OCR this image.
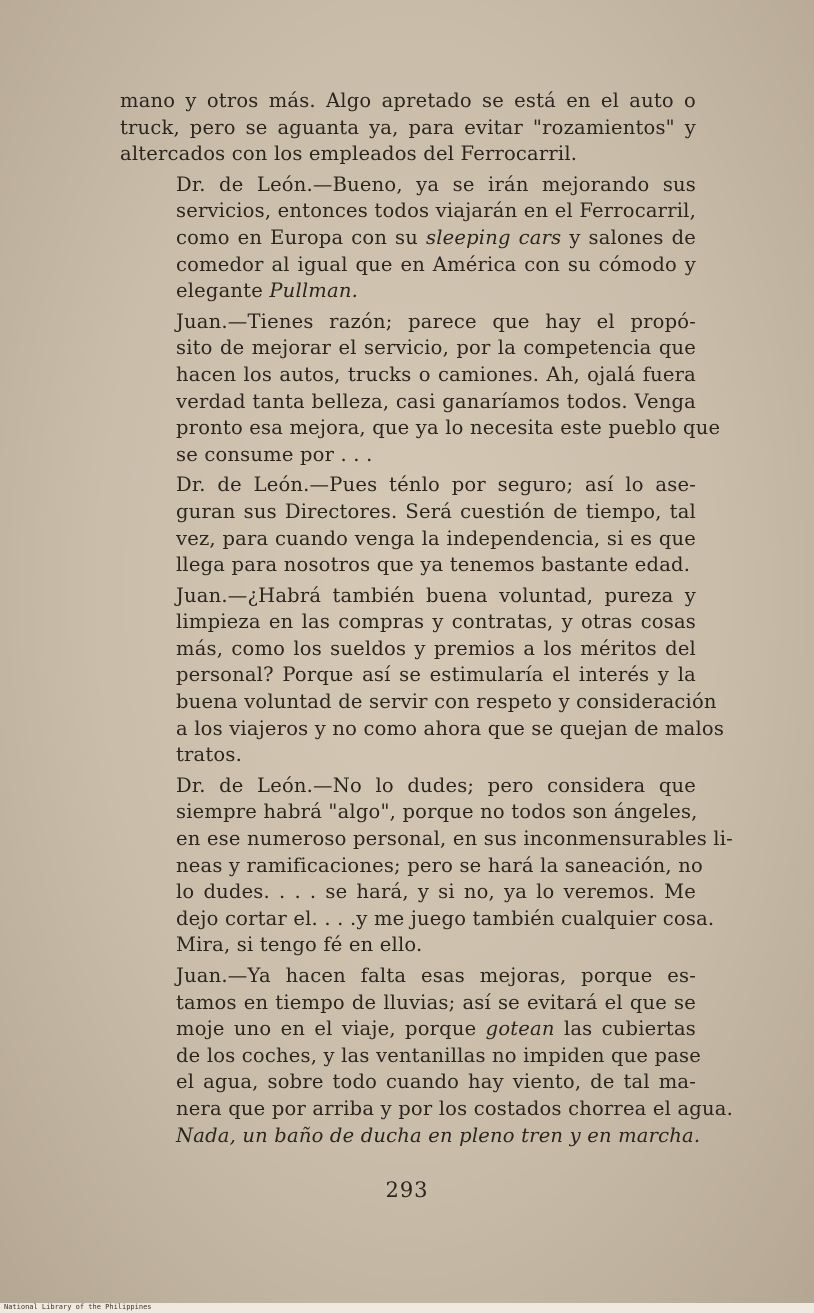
mano y otros más. Algo apretado se está en el auto o
truck, pero se aguanta ya, para evitar "rozamientos" y
altercados con los empleados del Ferrocarril.
Dr. de León.—Bueno, ya se irán mejorando sus
servicios, entonces todos viajarán en el Ferrocarril,
como en Europa con su sleeping cars y salones de
comedor al igual que en América con su cómodo y
elegante Pullman.
Juan.—Tienes razón; parece que hay el propó-
sito de mejorar el servicio, por la competencia que
hacen los autos, trucks o camiones. Ah, ojalá fuera
verdad tanta belleza, casi ganaríamos todos. Venga
pronto esa mejora, que ya lo necesita este pueblo que
se consume por . . .
Dr. de León.—Pues ténlo por seguro; así lo ase-
guran sus Directores. Será cuestión de tiempo, tal
vez, para cuando venga la independencia, si es que
llega para nosotros que ya tenemos bastante edad.
Juan.—¿Habrá también buena voluntad, pureza y
limpieza en las compras y contratas, y otras cosas
más, como los sueldos y premios a los méritos del
personal? Porque así se estimularía el interés y la
buena voluntad de servir con respeto y consideración
a los viajeros y no como ahora que se quejan de malos
tratos.
Dr. de León.—No lo dudes; pero considera que
siempre habrá "algo", porque no todos son ángeles,
en ese numeroso personal, en sus inconmensurables li-
neas y ramificaciones; pero se hará la saneación, no
lo dudes. . . . se hará, y si no, ya lo veremos. Me
dejo cortar el. . . .y me juego también cualquier cosa.
Mira, si tengo fé en ello.
Juan.—Ya hacen falta esas mejoras, porque es-
tamos en tiempo de lluvias; así se evitará el que se
moje uno en el viaje, porque gotean las cubiertas
de los coches, y las ventanillas no impiden que pase
el agua, sobre todo cuando hay viento, de tal ma-
nera que por arriba y por los costados chorrea el agua.
Nada, un baño de ducha en pleno tren y en marcha.
293
National Library of the Philippines
